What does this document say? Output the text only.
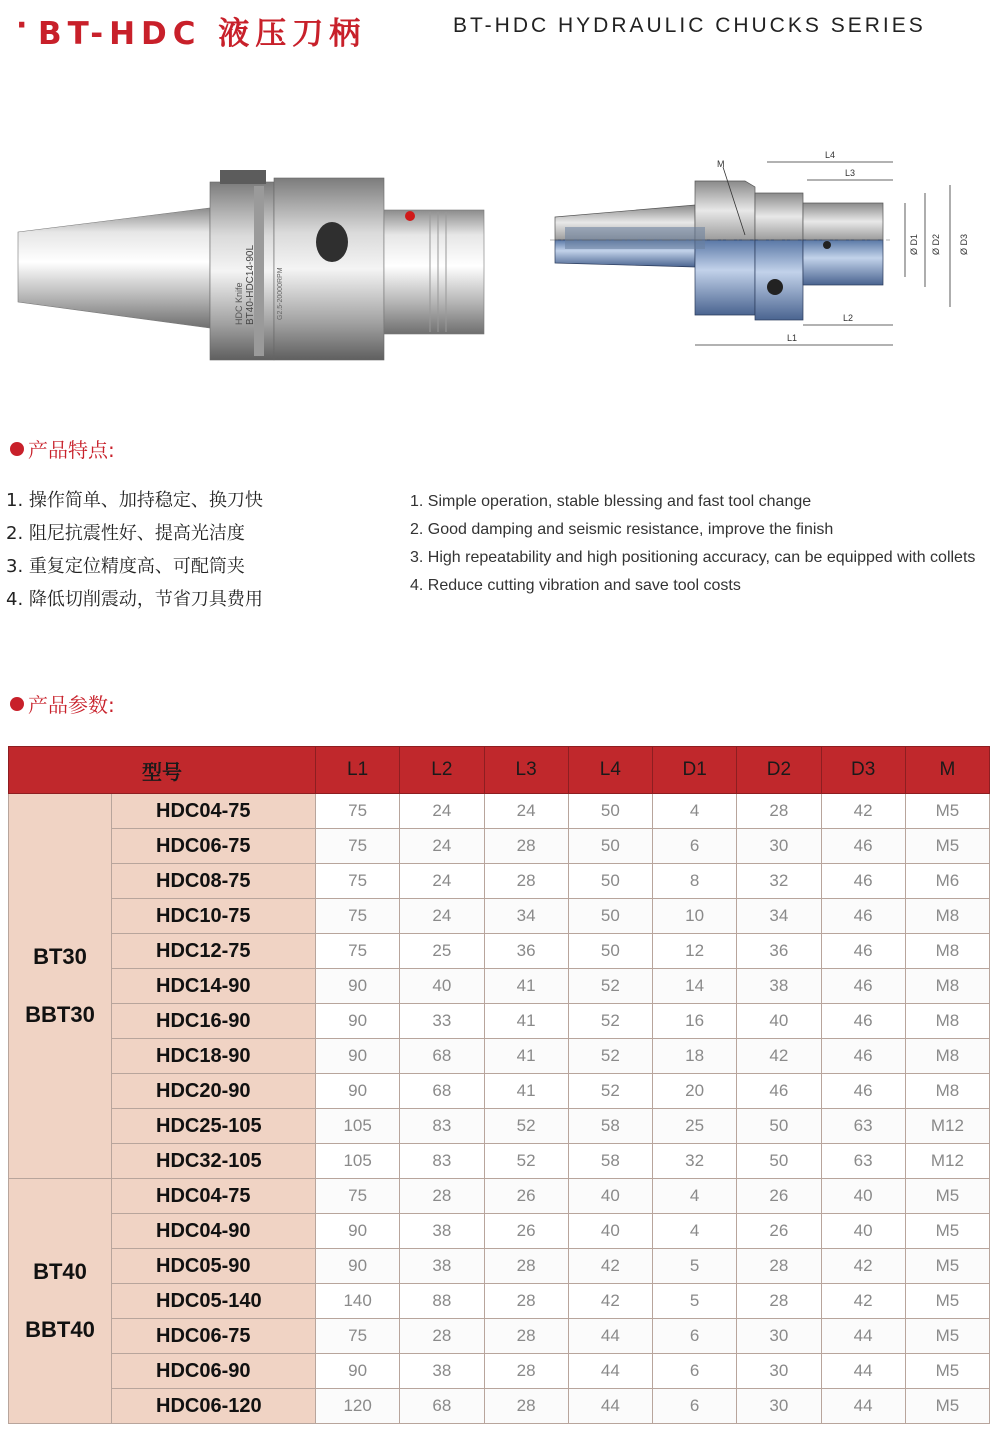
· BT-HDC 液压刀柄	BT-HDC HYDRAULIC CHUCKS SERIES
HDC Knife BT40-HDC14-90L	G2.5-20000RPM
M
L4
L3
L2
L1
Ø D1 Ø D2 Ø D3
产品特点:
1. 操作简单、加持稳定、换刀快
2. 阻尼抗震性好、提高光洁度
3. 重复定位精度高、可配筒夹
4. 降低切削震动，节省刀具费用
1. Simple operation, stable blessing and fast tool change
2. Good damping and seismic resistance, improve the finish
3. High repeatability and high positioning accuracy, can be equipped with collets
4. Reduce cutting vibration and save tool costs
产品参数:
型号		L1	L2	L3	L4	D1	D2	D3	M

BT30
BBT30	HDC04-75	75	24	24	50	4	28	42	M5
	HDC06-75	75	24	28	50	6	30	46	M5
	HDC08-75	75	24	28	50	8	32	46	M6
	HDC10-75	75	24	34	50	10	34	46	M8
	HDC12-75	75	25	36	50	12	36	46	M8
	HDC14-90	90	40	41	52	14	38	46	M8
	HDC16-90	90	33	41	52	16	40	46	M8
	HDC18-90	90	68	41	52	18	42	46	M8
	HDC20-90	90	68	41	52	20	46	46	M8
	HDC25-105	105	83	52	58	25	50	63	M12
	HDC32-105	105	83	52	58	32	50	63	M12

BT40
BBT40	HDC04-75	75	28	26	40	4	26	40	M5
	HDC04-90	90	38	26	40	4	26	40	M5
	HDC05-90	90	38	28	42	5	28	42	M5
	HDC05-140	140	88	28	42	5	28	42	M5
	HDC06-75	75	28	28	44	6	30	44	M5
	HDC06-90	90	38	28	44	6	30	44	M5
	HDC06-120	120	68	28	44	6	30	44	M5
